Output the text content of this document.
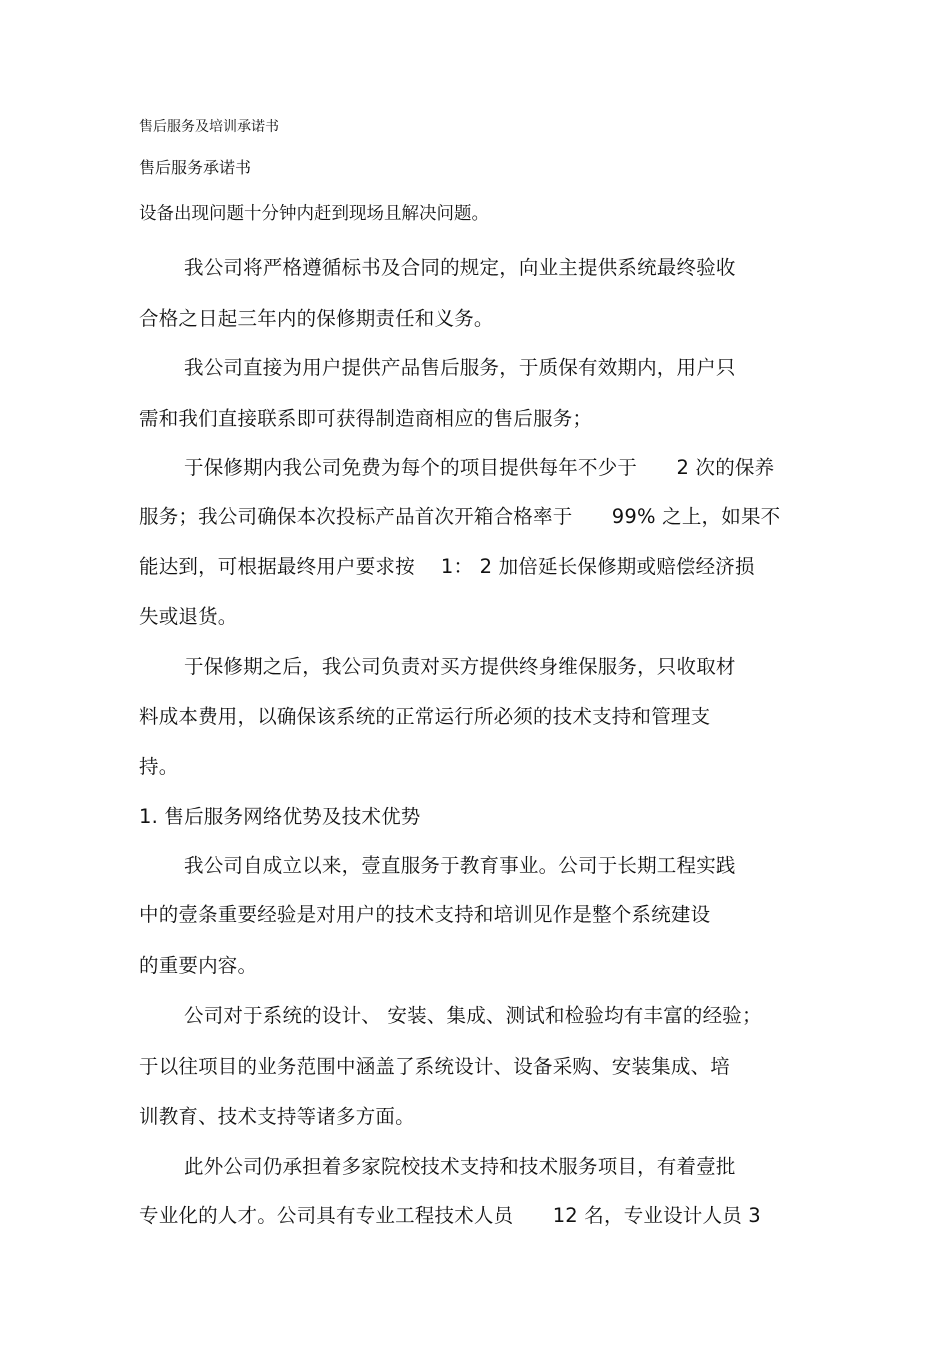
售后服务及培训承诺书
售后服务承诺书
设备出现问题十分钟内赶到现场且解决问题。
我公司将严格遵循标书及合同的规定，向业主提供系统最终验收
合格之日起三年内的保修期责任和义务。
我公司直接为用户提供产品售后服务，于质保有效期内，用户只
需和我们直接联系即可获得制造商相应的售后服务；
于保修期内我公司免费为每个的项目提供每年不少于　　2 次的保养
服务；我公司确保本次投标产品首次开箱合格率于　　99% 之上，如果不
能达到，可根据最终用户要求按　 1： 2 加倍延长保修期或赔偿经济损
失或退货。
于保修期之后，我公司负责对买方提供终身维保服务，只收取材
料成本费用，以确保该系统的正常运行所必须的技术支持和管理支
持。
1. 售后服务网络优势及技术优势
我公司自成立以来，壹直服务于教育事业。公司于长期工程实践
中的壹条重要经验是对用户的技术支持和培训见作是整个系统建设
的重要内容。
公司对于系统的设计、 安装、集成、测试和检验均有丰富的经验；
于以往项目的业务范围中涵盖了系统设计、设备采购、安装集成、培
训教育、技术支持等诸多方面。
此外公司仍承担着多家院校技术支持和技术服务项目，有着壹批
专业化的人才。公司具有专业工程技术人员　　12 名，专业设计人员 3
